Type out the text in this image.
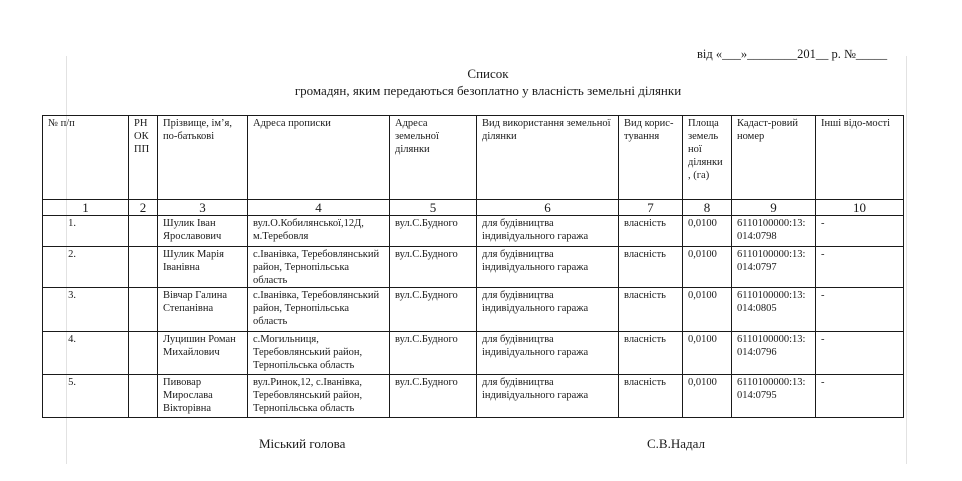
від «___»________201__ р. №_____
Список
громадян, яким передаються безоплатно у власність земельні ділянки
№ п/п	РН ОК ПП	Прізвище, ім’я, по-батькові	Адреса прописки	Адреса земельної ділянки	Вид використання земельної ділянки	Вид корис-тування	Площа земель ної ділянки , (га)	Кадаст-ровий номер	Інші відо-мості
1	2	3	4	5	6	7	8	9	10
1.		Шулик Іван Ярославович	вул.О.Кобилянської,12Д, м.Теребовля	вул.С.Будного	для будівництва індивідуального гаража	власність	0,0100	6110100000:13: 014:0798	-
2.		Шулик Марія Іванівна	с.Іванівка, Теребовлянський район, Тернопільська область	вул.С.Будного	для будівництва індивідуального гаража	власність	0,0100	6110100000:13: 014:0797	-
3.		Вівчар Галина Степанівна	с.Іванівка, Теребовлянський район, Тернопільська область	вул.С.Будного	для будівництва індивідуального гаража	власність	0,0100	6110100000:13: 014:0805	-
4.		Луцишин Роман Михайлович	с.Могильниця, Теребовлянський район, Тернопільська область	вул.С.Будного	для будівництва індивідуального гаража	власність	0,0100	6110100000:13: 014:0796	-
5.		Пивовар Мирослава Вікторівна	вул.Ринок,12, с.Іванівка, Теребовлянський район, Тернопільська область	вул.С.Будного	для будівництва індивідуального гаража	власність	0,0100	6110100000:13: 014:0795	-
Міський голова	С.В.Надал
